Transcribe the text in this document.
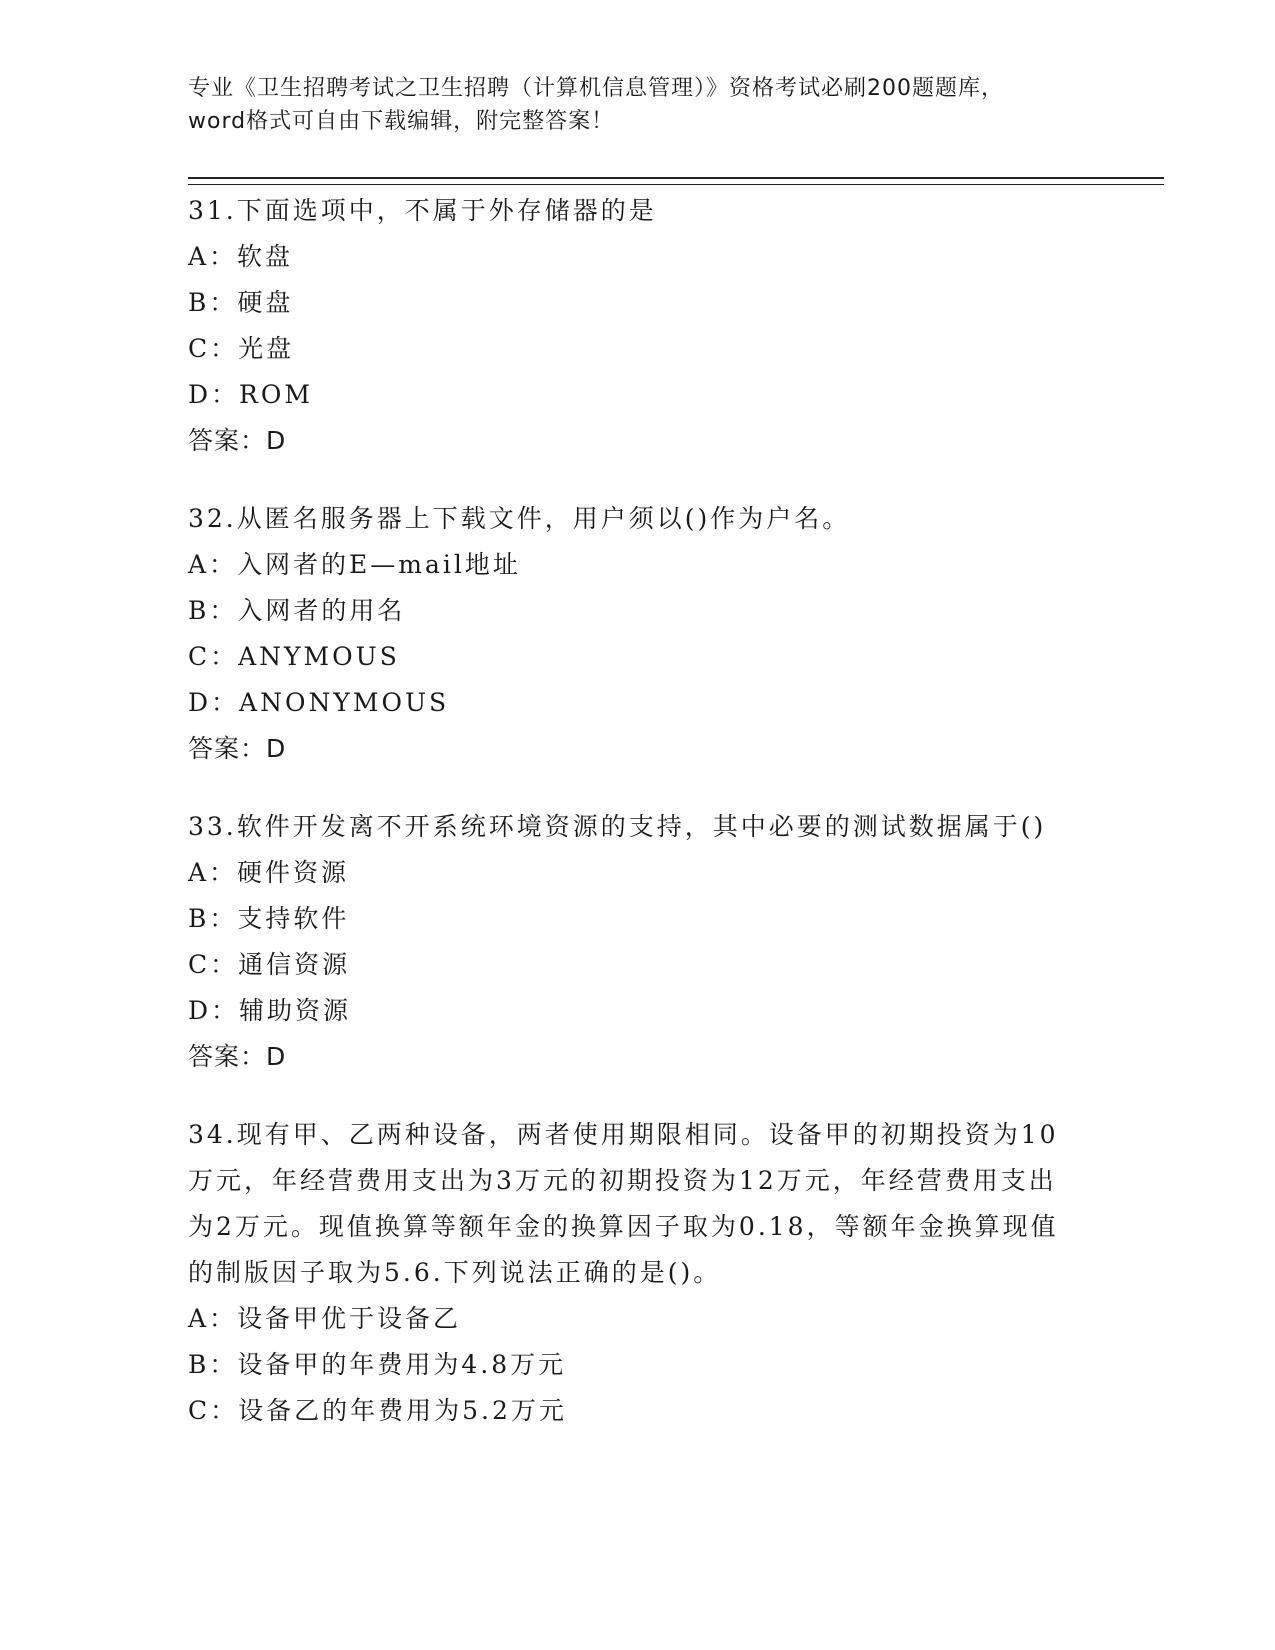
专业《卫生招聘考试之卫生招聘（计算机信息管理）》资格考试必刷200题题库，

word格式可自由下载编辑，附完整答案！

31.下面选项中，不属于外存储器的是

A：软盘

B：硬盘

C：光盘

D：ROM

答案：D

32.从匿名服务器上下载文件，用户须以()作为户名。

A：入网者的E—mail地址

B：入网者的用名

C：ANYMOUS

D：ANONYMOUS

答案：D

33.软件开发离不开系统环境资源的支持，其中必要的测试数据属于()

A：硬件资源

B：支持软件

C：通信资源

D：辅助资源

答案：D

34.现有甲、乙两种设备，两者使用期限相同。设备甲的初期投资为10万元，年经营费用支出为3万元的初期投资为12万元，年经营费用支出为2万元。现值换算等额年金的换算因子取为0.18，等额年金换算现值的制版因子取为5.6.下列说法正确的是()。

A：设备甲优于设备乙

B：设备甲的年费用为4.8万元

C：设备乙的年费用为5.2万元
